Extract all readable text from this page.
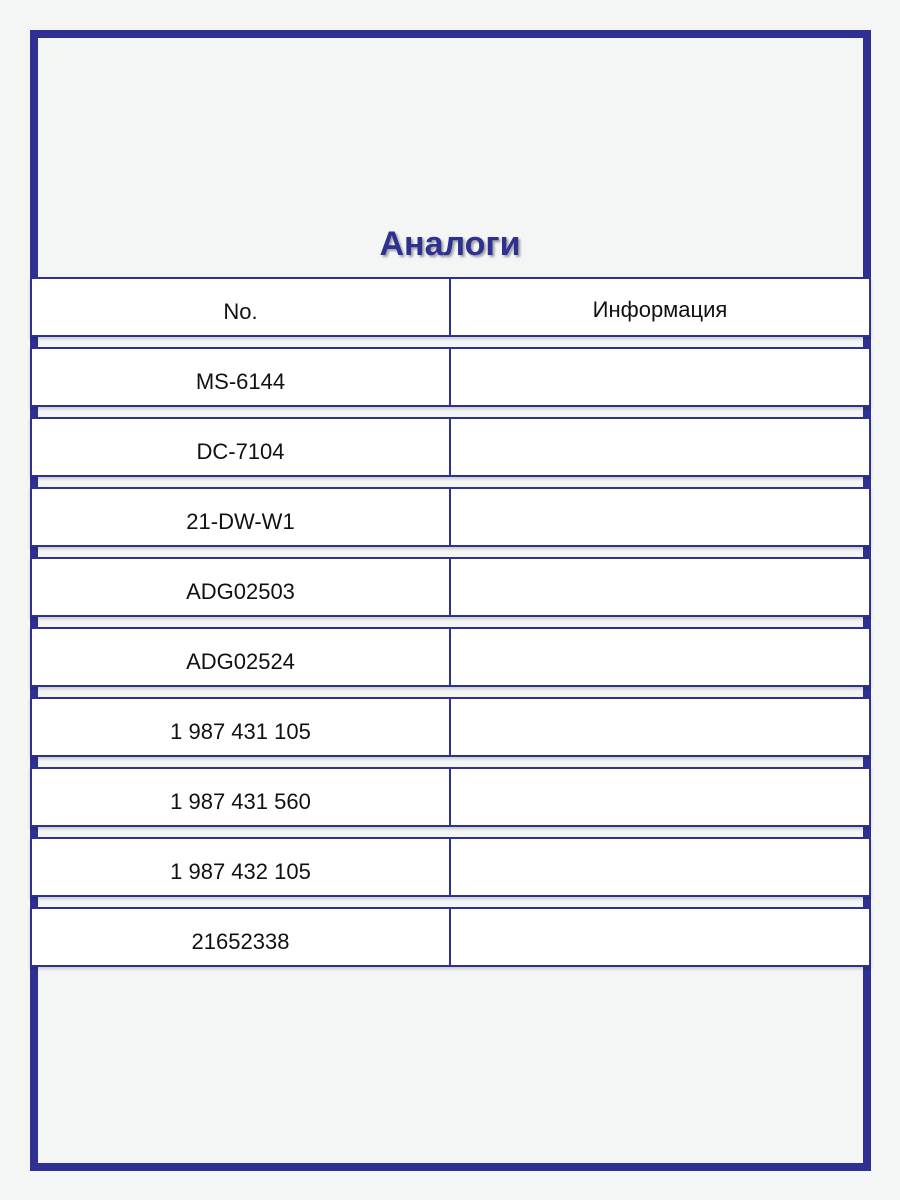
Аналоги
No.	Информация
MS-6144
DC-7104
21-DW-W1
ADG02503
ADG02524
1 987 431 105
1 987 431 560
1 987 432 105
21652338
